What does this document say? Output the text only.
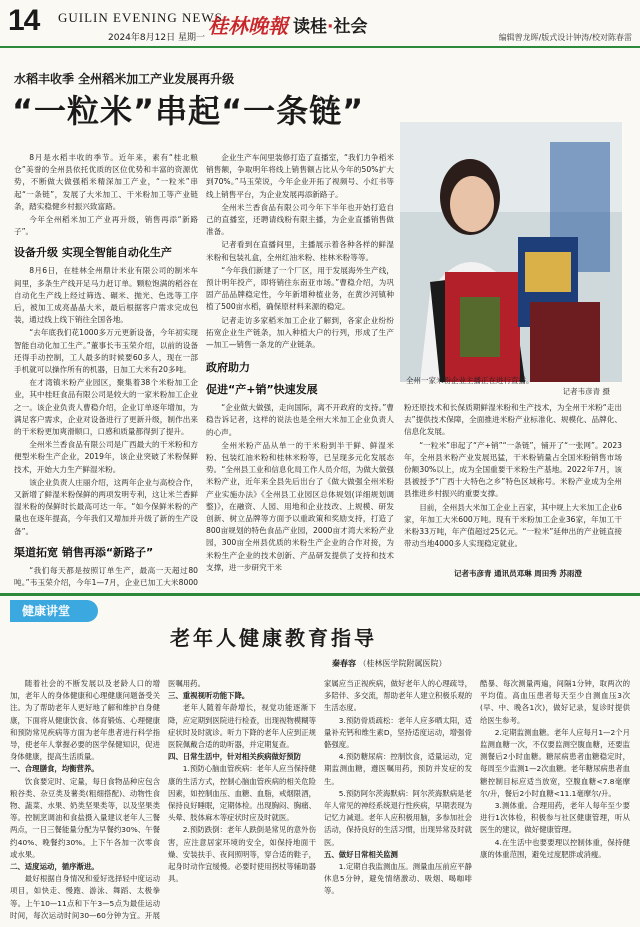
14 GUILIN EVENING NEWS
2024年8月12日 星期一 桂林晚報 读桂·社会
编辑曾龙晖/版式设计钟涛/校对陈春雷
水稻丰收季 全州稻米加工产业发展再升级
“一粒米”串起“一条链”

8月是水稻丰收的季节。近年来，素有“桂北粮仓”美誉的全州县依托优质的区位优势和丰富的资源优势，不断做大做强稻米精深加工产业，“一粒米”串起“一条链”，发展了大米加工、干米粉加工等产业链条，踏实稳健乡村振兴致富路。

今年全州稻米加工产业再升级，销售再添“新路子”。

设备升级 实现全智能自动化生产

8月6日，在桂林全州鼎计米业有限公司的制米车间里，多条生产线开足马力赶订单。颗粒饱满的稻谷在自动化生产线上经过筛选、碾米、抛光、色选等工序后，被加工成亮晶晶大米，最后根据客户需求完成包装，通过线上线下销往全国各地。

“去年底我们花1000多万元更新设备，今年初实现智能自动化加工生产。”董事长韦玉荣介绍，以前的设备还得手动控制，工人最多的时候要60多人，现在一部手机就可以操作所有的机器，日加工大米有20多吨。

在才湾镇米粉产业园区，聚集着38个米粉加工企业，其中桂旺食品有限公司是较大的一家米粉加工企业之一。该企业负责人曹稳介绍，企业订单逐年增加，为满足客户需求，企业对设备进行了更新升级，制作出来的干米粉更加爽滑顺口，口感和质量都得到了提升。

全州米兰香食品有限公司是广西最大的干米粉和方便型米粉生产企业，2019年，该企业突破了米粉保鲜技术，开始大力生产鲜湿米粉。

该企业负责人庄丽介绍，这两年企业与高校合作，又新增了鲜湿米粉保鲜的两项发明专利，这让米兰香鲜湿米粉的保鲜时长最高可达一年。“如今保鲜米粉的产量也在逐年提高，今年我们又增加并升级了新的生产设备”。

渠道拓宽 销售再添“新路子”

“我们每天都是按照订单生产，最高一天超过80吨。”韦玉荣介绍，今年1—7月，企业已加工大米8000

企业生产车间里装修打造了直播室，“我们力争稻米销售额，争取明年将线上销售额占比从今年的50%扩大到70%。”马玉荣说，今年企业开拓了视频号、小红书等线上销售平台，为企业发展再添新路子。

全州米兰香食品有限公司今年下半年也开始打造自己的直播室，还聘请线粉有限主播，为企业直播销售做准备。

记者看到在直播间里，主播展示着各种各样的鲜湿米粉和包装礼盒，全州红油米粉、桂林米粉等等。

“今年我们新建了一个厂区，用于发展海外生产线，预计明年投产，即将销往东南亚市场。”曹稳介绍，为巩固产品品牌稳定性，今年新增种植业务，在黄沙河镇种植了500亩水稻，确保原材料来源的稳定。

记者走访多家稻米加工企业了解到，各家企业纷纷拓宽企业生产链条，加入种植大户的行列，形成了生产—加工—销售一条龙的产业链条。

政府助力
促进“产+销”快速发展

“企业做大做强，走向国际，离不开政府的支持。”曹稳告诉记者，这样的说法也是全州大米加工企业负责人的心声。

全州米粉产品从单一的干米粉到半干鲜、鲜湿米粉、包装红油米粉和桂林米粉等，已呈现多元化发展态势。“全州县工业和信息化局工作人员介绍，为做大做强米粉产业，近年来全县先后出台了《做大做强全州米粉产业实施办法》《全州县工业园区总体规划(详细规划调整)》，在融资、人园、用地和企业技改、上规模、研发创新、树立品牌等方面予以重政策和奖励支持，打造了800亩规划的特色食品产业园，2000亩才湾大米粉产业园，300亩全州县优质的米粉生产企业的合作对接，为米粉生产企业的技术创新、产品研发提供了支持和技术支撑，进一步研究干米

全州一家米粉企业主播正在进行直播。
记者韦彦青 摄

粉还原技术和长保质期鲜湿米粉和生产技术，为全州干米粉“走出去”提供技术保障，全面推进米粉产业标准化、规模化、品牌化、信息化发展。

“一粒米”串起了“产+销”“一条链”，铺开了“一张网”。2023年，全州县米粉产业发展迅猛，干米粉销量占全国米粉销售市场份额30%以上，成为全国重要干米粉生产基地。2022年7月，该县被授予“广西十大特色之乡”特色区域称号。米粉产业成为全州县推进乡村振兴的重要支撑。

目前，全州县大米加工企业上百家，其中规上大米加工企业6家，年加工大米600万吨。现有干米粉加工企业36家，年加工干米粉33万吨，年产值超过25亿元。“一粒米”延伸出的产业链直接带动当地4000多人实现稳定就业。

记者韦彦青 通讯员邓琳 周田秀 苏雨澄
健康讲堂
老年人健康教育指导
秦春容 （桂林医学院附属医院）

随着社会的不断发展以及老龄人口的增加，老年人的身体健康和心理健康问题备受关注。为了帮助老年人更好地了解和维护自身健康，下面将从健康饮食、体育锻炼、心理健康和预防常见疾病等方面为老年患者进行科学指导，使老年人掌握必要的医学保健知识，促进身体健康，提高生活质量。

一、合理膳食，均衡营养。

饮食要定时、定量，每日食物品种应包含粮谷类、杂豆类及薯类(粗细搭配)、动物性食物、蔬菜、水果、奶类坚果类等，以及坚果类等。控制烹调油和食盐摄入量建议老年人三餐两点，一日三餐能量分配为早餐约30%、午餐约40%、晚餐约30%。上下午各加一次零食或水果。

二、适度运动，循序渐进。

最好根据自身情况和爱好选择轻中度运动项目，如快走、慢跑、游泳、舞蹈、太极拳等。上午10—11点和下午3—5点为最佳运动时间，每次运动时间30—60分钟为宜。开展

医嘱用药。

三、重视视听功能下降。

老年人随着年龄增长，视觉功能逐渐下降，应定期到医院进行检查，出现视物模糊等症状时及时就诊。听力下降的老年人应到正规医院佩戴合适的助听器，并定期复查。

四、日常生活中，针对相关疾病做好预防

1.预防心脑血管疾病：老年人应当保持健康的生活方式，控制心脑血管疾病的相关危险因素，如控制血压、血糖、血脂，戒烟限酒，保持良好睡眠，定期体检。出现胸闷、胸痛、头晕、肢体麻木等症状时应及时就医。

2.预防跌倒：老年人跌倒是常见的意外伤害，应注意居家环境的安全，如保持地面干燥、安装扶手、夜间照明等，穿合适的鞋子，起身时动作宜缓慢。必要时使用拐杖等辅助器具。

家属应当正视疾病，做好老年人的心理疏导，多陪伴、多交流，帮助老年人建立积极乐观的生活态度。

3.预防骨质疏松：老年人应多晒太阳，适量补充钙和维生素D，坚持适度运动，增强骨骼强度。

4.预防糖尿病：控制饮食，适量运动，定期监测血糖，遵医嘱用药，预防并发症的发生。

5.预防阿尔茨海默病：阿尔茨海默病是老年人常见的神经系统退行性疾病，早期表现为记忆力减退。老年人应积极用脑，多参加社会活动，保持良好的生活习惯，出现异常及时就医。

五、做好日常相关监测

1.定期自我监测血压。测量血压前应平静休息5分钟，避免情绪激动、吸烟、喝咖啡等。

酷暴、每次测量两遍，间隔1分钟，取两次的平均值。高血压患者每天至少自测血压3次(早、中、晚各1次)，做好记录，复诊时提供给医生参考。

2.定期监测血糖。老年人应每月1—2个月监测血糖一次，不仅要监测空腹血糖，还要监测餐后2小时血糖。糖尿病患者血糖稳定时，每周至少监测1—2次血糖。老年糖尿病患者血糖控制目标应适当放宽，空腹血糖<7.8毫摩尔/升，餐后2小时血糖<11.1毫摩尔/升。

3.测体重。合理用药，老年人每年至少要进行1次体检，积极参与社区健康管理，听从医生的建议，做好健康管理。

4.在生活中也要要理以控制体重，保持健康的体重范围，避免过度肥胖或消瘦。
